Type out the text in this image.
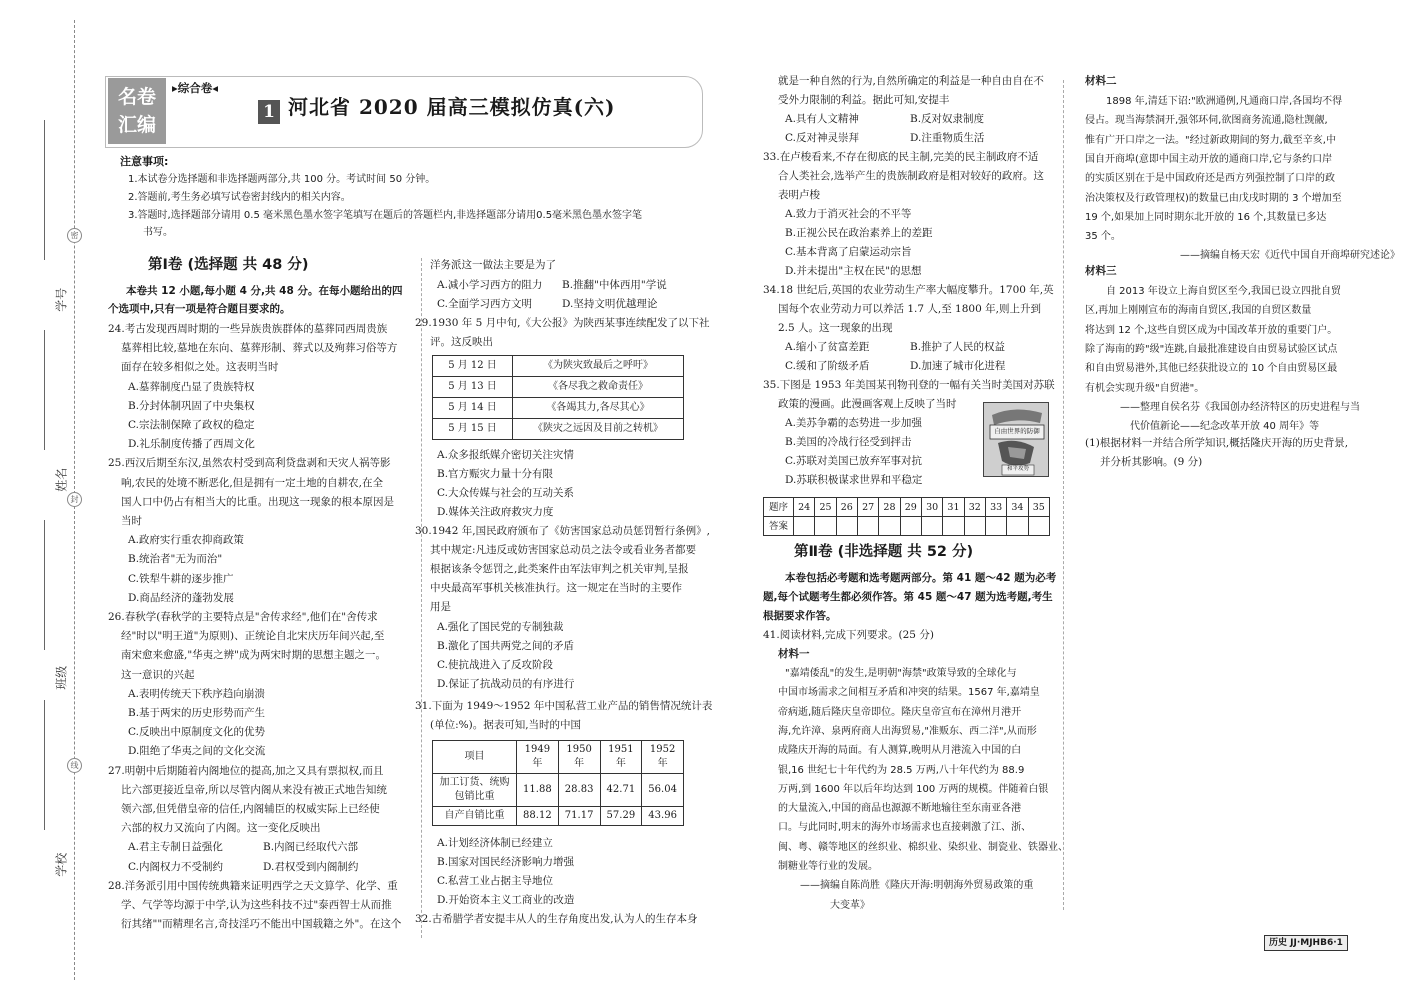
密
封
线
学号
姓名
班级
学校
名卷
汇编
▸综合卷◂
1 河北省 2020 届高三模拟仿真(六)
注意事项:
1.本试卷分选择题和非选择题两部分,共 100 分。考试时间 50 分钟。
2.答题前,考生务必填写试卷密封线内的相关内容。
3.答题时,选择题部分请用 0.5 毫米黑色墨水签字笔填写在题后的答题栏内,非选择题部分请用0.5毫米黑色墨水签字笔
书写。
第Ⅰ卷 (选择题 共 48 分)
本卷共 12 小题,每小题 4 分,共 48 分。在每小题给出的四
个选项中,只有一项是符合题目要求的。
24.考古发现西周时期的一些异族贵族群体的墓葬同西周贵族
墓葬相比较,墓地在东向、墓葬形制、葬式以及殉葬习俗等方
面存在较多相似之处。这表明当时
A.墓葬制度凸显了贵族特权
B.分封体制巩固了中央集权
C.宗法制保障了政权的稳定
D.礼乐制度传播了西周文化
25.西汉后期至东汉,虽然农村受到高利贷盘剥和天灾人祸等影
响,农民的处境不断恶化,但是拥有一定土地的自耕农,在全
国人口中仍占有相当大的比重。出现这一现象的根本原因是
当时
A.政府实行重农抑商政策
B.统治者"无为而治"
C.铁犁牛耕的逐步推广
D.商品经济的蓬勃发展
26.春秋学(春秋学的主要特点是"舍传求经",他们在"舍传求
经"时以"明王道"为原则)、正统论自北宋庆历年间兴起,至
南宋愈来愈盛,"华夷之辨"成为两宋时期的思想主题之一。
这一意识的兴起
A.表明传统天下秩序趋向崩溃
B.基于两宋的历史形势而产生
C.反映出中原制度文化的优势
D.阻绝了华夷之间的文化交流
27.明朝中后期随着内阁地位的提高,加之又具有票拟权,而且
比六部更接近皇帝,所以尽管内阁从来没有被正式地告知统
领六部,但凭借皇帝的信任,内阁辅臣的权威实际上已经使
六部的权力又流向了内阁。这一变化反映出
A.君主专制日益强化	B.内阁已经取代六部
C.内阁权力不受制约	D.君权受到内阁制约
28.洋务派引用中国传统典籍来证明西学之天文算学、化学、重
学、气学等均源于中学,认为这些科技不过"泰西智士从而推
衍其绪""而精理名言,奇技淫巧不能出中国载籍之外"。在这个
洋务派这一做法主要是为了
A.减小学习西方的阻力 B.推翻"中体西用"学说
C.全面学习西方文明	D.坚持文明优越理论
29.1930 年 5 月中旬,《大公报》为陕西某事连续配发了以下社
评。这反映出
A.众多报纸媒介密切关注灾情
B.官方赈灾力量十分有限
C.大众传媒与社会的互动关系
D.媒体关注政府救灾力度
30.1942 年,国民政府颁布了《妨害国家总动员惩罚暂行条例》,
其中规定:凡违反或妨害国家总动员之法令或看业务者都要
根据该条令惩罚之,此类案件由军法审判之机关审判,呈报
中央最高军事机关核准执行。这一规定在当时的主要作
用是
A.强化了国民党的专制独裁
B.激化了国共两党之间的矛盾
C.使抗战进入了反攻阶段
D.保证了抗战动员的有序进行
31.下面为 1949～1952 年中国私营工业产品的销售情况统计表
(单位:%)。据表可知,当时的中国
A.计划经济体制已经建立
B.国家对国民经济影响力增强
C.私营工业占据主导地位
D.开始资本主义工商业的改造
32.古希腊学者安提丰从人的生存角度出发,认为人的生存本身
5 月 12 日	《为陕灾致最后之呼吁》
5 月 13 日	《各尽我之救命责任》
5 月 14 日	《各竭其力,各尽其心》
5 月 15 日	《陕灾之远因及目前之转机》
项目	1949 年	1950 年	1951 年	1952 年
加工订货、统购包销比重	11.88	28.83	42.71	56.04
自产自销比重	88.12	71.17	57.29	43.96
就是一种自然的行为,自然所确定的利益是一种自由自在不
受外力限制的利益。据此可知,安提丰
A.具有人文精神	B.反对奴隶制度
C.反对神灵崇拜	D.注重物质生活
33.在卢梭看来,不存在彻底的民主制,完美的民主制政府不适
合人类社会,选举产生的贵族制政府是相对较好的政府。这
表明卢梭
A.致力于消灭社会的不平等
B.正视公民在政治素养上的差距
C.基本背离了启蒙运动宗旨
D.并未提出"主权在民"的思想
34.18 世纪后,英国的农业劳动生产率大幅度攀升。1700 年,英
国每个农业劳动力可以养活 1.7 人,至 1800 年,则上升到
2.5 人。这一现象的出现
A.缩小了贫富差距	B.推护了人民的权益
C.缓和了阶级矛盾	D.加速了城市化进程
35.下图是 1953 年美国某刊物刊登的一幅有关当时美国对苏联
政策的漫画。此漫画客观上反映了当时
A.美苏争霸的态势进一步加强
B.美国的冷战行径受到抨击
C.苏联对美国已放弃军事对抗
D.苏联积极谋求世界和平稳定
自由世界的防御
和平攻势
题序	24	25	26	27	28	29	30	31	32	33	34	35
答案												
第Ⅱ卷 (非选择题 共 52 分)
本卷包括必考题和选考题两部分。第 41 题～42 题为必考
题,每个试题考生都必须作答。第 45 题～47 题为选考题,考生
根据要求作答。
41.阅读材料,完成下列要求。(25 分)
材料一
"嘉靖倭乱"的发生,是明朝"海禁"政策导致的全球化与
中国市场需求之间相互矛盾和冲突的结果。1567 年,嘉靖皇
帝病逝,随后隆庆皇帝即位。隆庆皇帝宣布在漳州月港开
海,允许漳、泉两府商人出海贸易,"准贩东、西二洋",从而形
成隆庆开海的局面。有人测算,晚明从月港流入中国的白
银,16 世纪七十年代约为 28.5 万两,八十年代约为 88.9
万两,到 1600 年以后年均达到 100 万两的规模。伴随着白银
的大量流入,中国的商品也源源不断地输往至东南亚各港
口。与此同时,明末的海外市场需求也直接刺激了江、浙、
闽、粤、赣等地区的丝织业、棉织业、染织业、制瓷业、铁器业、
制糖业等行业的发展。
——摘编自陈尚胜《隆庆开海:明朝海外贸易政策的重
大变革》
材料二
1898 年,清廷下诏:"欧洲通例,凡通商口岸,各国均不得
侵占。现当海禁洞开,强邻环伺,欲图商务流通,隐杜觊觎,
惟有广开口岸之一法。"经过新政期间的努力,截至辛亥,中
国自开商埠(意即中国主动开放的通商口岸,它与条约口岸
的实质区别在于是中国政府还是西方列强控制了口岸的政
治决策权及行政管理权)的数量已由戊戌时期的 3 个增加至
19 个,如果加上同时期东北开放的 16 个,其数量已多达
35 个。
——摘编自杨天宏《近代中国自开商埠研究述论》
材料三
自 2013 年设立上海自贸区至今,我国已设立四批自贸
区,再加上刚刚宣布的海南自贸区,我国的自贸区数量
将达到 12 个,这些自贸区成为中国改革开放的重要门户。
除了海南的跨"级"连跳,自最批准建设自由贸易试验区试点
和自由贸易港外,其他已经获批设立的 10 个自由贸易区最
有机会实现升级"自贸港"。
——整理自侯名芬《我国创办经济特区的历史进程与当
代价值新论——纪念改革开放 40 周年》等
(1)根据材料一并结合所学知识,概括隆庆开海的历史背景,
并分析其影响。(9 分)
历史 JJ·MJHB6·1
